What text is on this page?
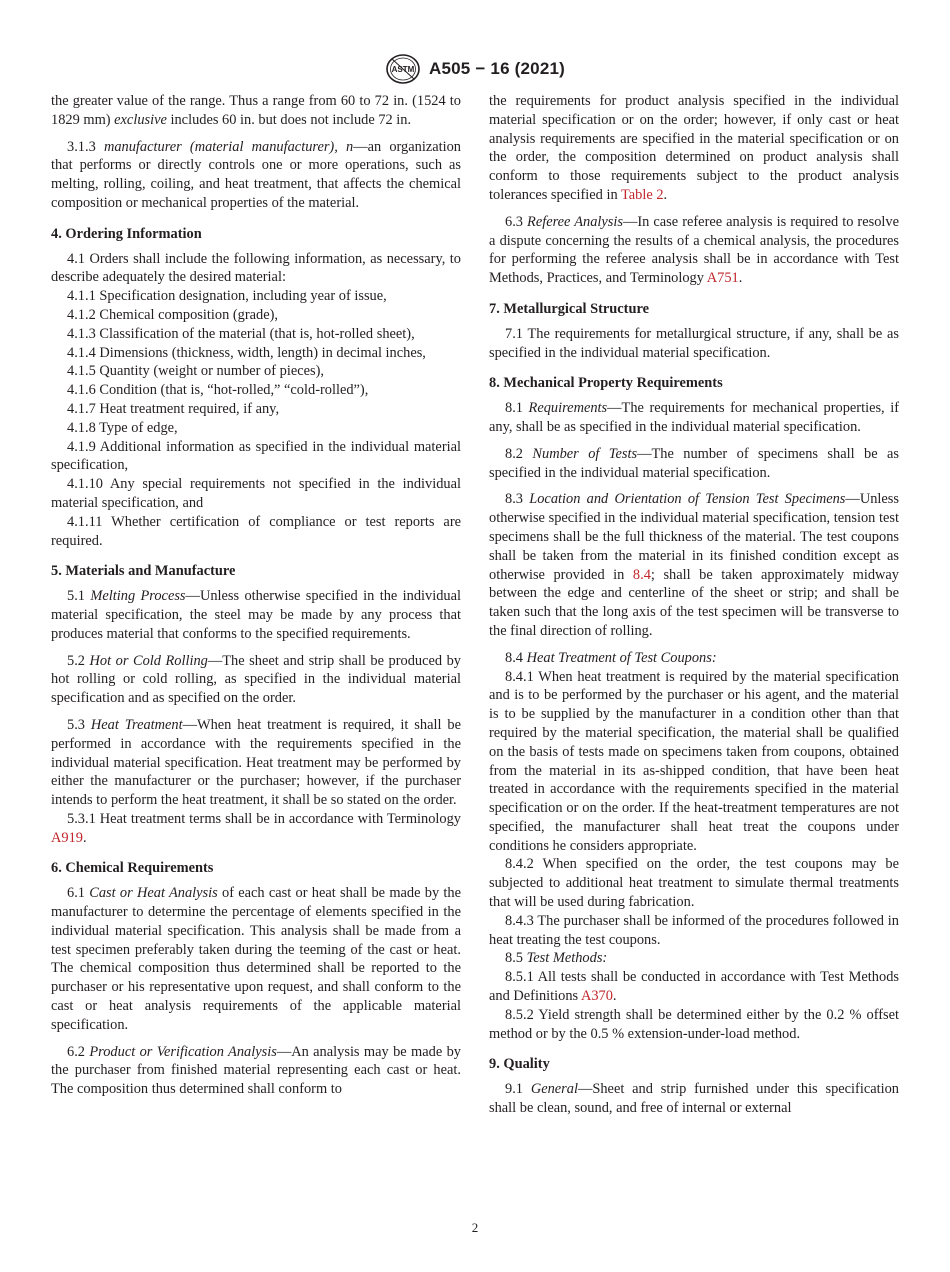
ASTM A505 − 16 (2021)

the greater value of the range. Thus a range from 60 to 72 in. (1524 to 1829 mm) exclusive includes 60 in. but does not include 72 in.

3.1.3 manufacturer (material manufacturer), n—an organization that performs or directly controls one or more operations, such as melting, rolling, coiling, and heat treatment, that affects the chemical composition or mechanical properties of the material.

4. Ordering Information

4.1 Orders shall include the following information, as necessary, to describe adequately the desired material:

4.1.1 Specification designation, including year of issue,

4.1.2 Chemical composition (grade),

4.1.3 Classification of the material (that is, hot-rolled sheet),

4.1.4 Dimensions (thickness, width, length) in decimal inches,

4.1.5 Quantity (weight or number of pieces),

4.1.6 Condition (that is, “hot-rolled,” “cold-rolled”),

4.1.7 Heat treatment required, if any,

4.1.8 Type of edge,

4.1.9 Additional information as specified in the individual material specification,

4.1.10 Any special requirements not specified in the individual material specification, and

4.1.11 Whether certification of compliance or test reports are required.

5. Materials and Manufacture

5.1 Melting Process—Unless otherwise specified in the individual material specification, the steel may be made by any process that produces material that conforms to the specified requirements.

5.2 Hot or Cold Rolling—The sheet and strip shall be produced by hot rolling or cold rolling, as specified in the individual material specification and as specified on the order.

5.3 Heat Treatment—When heat treatment is required, it shall be performed in accordance with the requirements specified in the individual material specification. Heat treatment may be performed by either the manufacturer or the purchaser; however, if the purchaser intends to perform the heat treatment, it shall be so stated on the order.

5.3.1 Heat treatment terms shall be in accordance with Terminology A919.

6. Chemical Requirements

6.1 Cast or Heat Analysis of each cast or heat shall be made by the manufacturer to determine the percentage of elements specified in the individual material specification. This analysis shall be made from a test specimen preferably taken during the teeming of the cast or heat. The chemical composition thus determined shall be reported to the purchaser or his representative upon request, and shall conform to the cast or heat analysis requirements of the applicable material specification.

6.2 Product or Verification Analysis—An analysis may be made by the purchaser from finished material representing each cast or heat. The composition thus determined shall conform to

the requirements for product analysis specified in the individual material specification or on the order; however, if only cast or heat analysis requirements are specified in the material specification or on the order, the composition determined on product analysis shall conform to those requirements subject to the product analysis tolerances specified in Table 2.

6.3 Referee Analysis—In case referee analysis is required to resolve a dispute concerning the results of a chemical analysis, the procedures for performing the referee analysis shall be in accordance with Test Methods, Practices, and Terminology A751.

7. Metallurgical Structure

7.1 The requirements for metallurgical structure, if any, shall be as specified in the individual material specification.

8. Mechanical Property Requirements

8.1 Requirements—The requirements for mechanical properties, if any, shall be as specified in the individual material specification.

8.2 Number of Tests—The number of specimens shall be as specified in the individual material specification.

8.3 Location and Orientation of Tension Test Specimens—Unless otherwise specified in the individual material specification, tension test specimens shall be the full thickness of the material. The test coupons shall be taken from the material in its finished condition except as otherwise provided in 8.4; shall be taken approximately midway between the edge and centerline of the sheet or strip; and shall be taken such that the long axis of the test specimen will be transverse to the final direction of rolling.

8.4 Heat Treatment of Test Coupons:

8.4.1 When heat treatment is required by the material specification and is to be performed by the purchaser or his agent, and the material is to be supplied by the manufacturer in a condition other than that required by the material specification, the material shall be qualified on the basis of tests made on specimens taken from coupons, obtained from the material in its as-shipped condition, that have been heat treated in accordance with the requirements specified in the material specification or on the order. If the heat-treatment temperatures are not specified, the manufacturer shall heat treat the coupons under conditions he considers appropriate.

8.4.2 When specified on the order, the test coupons may be subjected to additional heat treatment to simulate thermal treatments that will be used during fabrication.

8.4.3 The purchaser shall be informed of the procedures followed in heat treating the test coupons.

8.5 Test Methods:

8.5.1 All tests shall be conducted in accordance with Test Methods and Definitions A370.

8.5.2 Yield strength shall be determined either by the 0.2 % offset method or by the 0.5 % extension-under-load method.

9. Quality

9.1 General—Sheet and strip furnished under this specification shall be clean, sound, and free of internal or external

2
